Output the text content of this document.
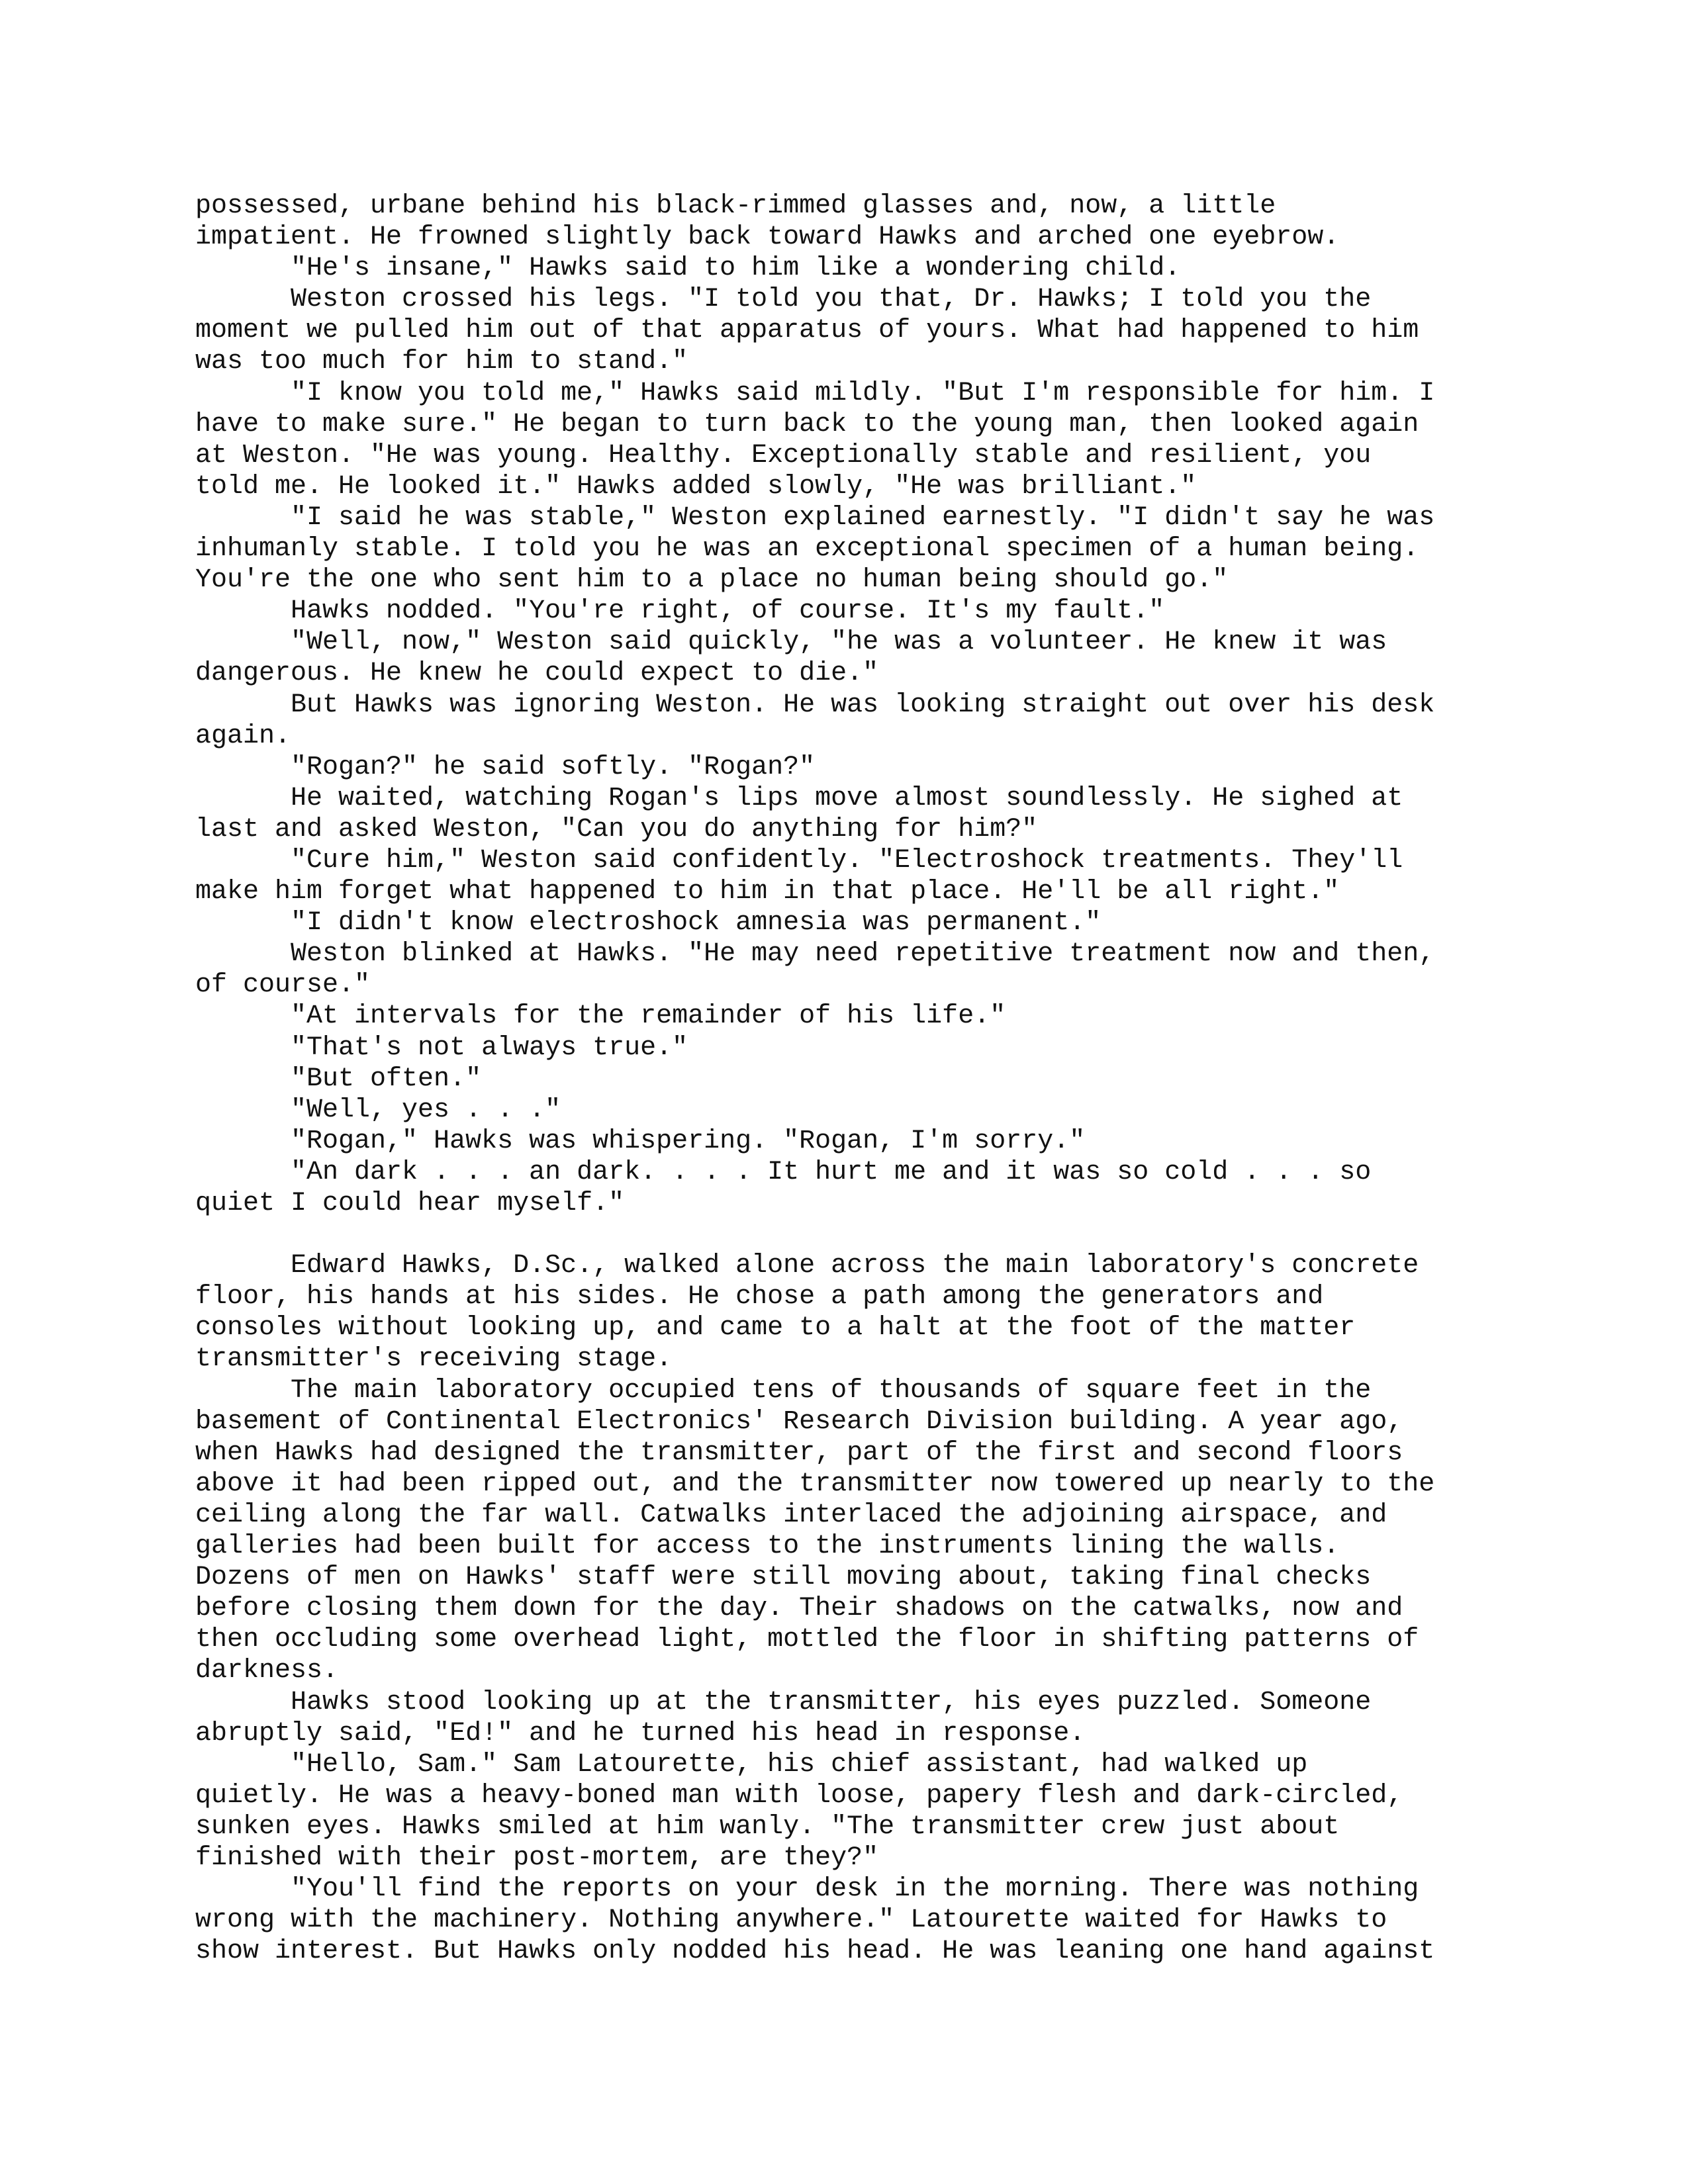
possessed, urbane behind his black-rimmed glasses and, now, a little
impatient. He frowned slightly back toward Hawks and arched one eyebrow.
"He's insane," Hawks said to him like a wondering child.
Weston crossed his legs. "I told you that, Dr. Hawks; I told you the
moment we pulled him out of that apparatus of yours. What had happened to him
was too much for him to stand."
"I know you told me," Hawks said mildly. "But I'm responsible for him. I
have to make sure." He began to turn back to the young man, then looked again
at Weston. "He was young. Healthy. Exceptionally stable and resilient, you
told me. He looked it." Hawks added slowly, "He was brilliant."
"I said he was stable," Weston explained earnestly. "I didn't say he was
inhumanly stable. I told you he was an exceptional specimen of a human being.
You're the one who sent him to a place no human being should go."
Hawks nodded. "You're right, of course. It's my fault."
"Well, now," Weston said quickly, "he was a volunteer. He knew it was
dangerous. He knew he could expect to die."
But Hawks was ignoring Weston. He was looking straight out over his desk
again.
"Rogan?" he said softly. "Rogan?"
He waited, watching Rogan's lips move almost soundlessly. He sighed at
last and asked Weston, "Can you do anything for him?"
"Cure him," Weston said confidently. "Electroshock treatments. They'll
make him forget what happened to him in that place. He'll be all right."
"I didn't know electroshock amnesia was permanent."
Weston blinked at Hawks. "He may need repetitive treatment now and then,
of course."
"At intervals for the remainder of his life."
"That's not always true."
"But often."
"Well, yes . . ."
"Rogan," Hawks was whispering. "Rogan, I'm sorry."
"An dark . . . an dark. . . . It hurt me and it was so cold . . . so
quiet I could hear myself."
Edward Hawks, D.Sc., walked alone across the main laboratory's concrete
floor, his hands at his sides. He chose a path among the generators and
consoles without looking up, and came to a halt at the foot of the matter
transmitter's receiving stage.
The main laboratory occupied tens of thousands of square feet in the
basement of Continental Electronics' Research Division building. A year ago,
when Hawks had designed the transmitter, part of the first and second floors
above it had been ripped out, and the transmitter now towered up nearly to the
ceiling along the far wall. Catwalks interlaced the adjoining airspace, and
galleries had been built for access to the instruments lining the walls.
Dozens of men on Hawks' staff were still moving about, taking final checks
before closing them down for the day. Their shadows on the catwalks, now and
then occluding some overhead light, mottled the floor in shifting patterns of
darkness.
Hawks stood looking up at the transmitter, his eyes puzzled. Someone
abruptly said, "Ed!" and he turned his head in response.
"Hello, Sam." Sam Latourette, his chief assistant, had walked up
quietly. He was a heavy-boned man with loose, papery flesh and dark-circled,
sunken eyes. Hawks smiled at him wanly. "The transmitter crew just about
finished with their post-mortem, are they?"
"You'll find the reports on your desk in the morning. There was nothing
wrong with the machinery. Nothing anywhere." Latourette waited for Hawks to
show interest. But Hawks only nodded his head. He was leaning one hand against
